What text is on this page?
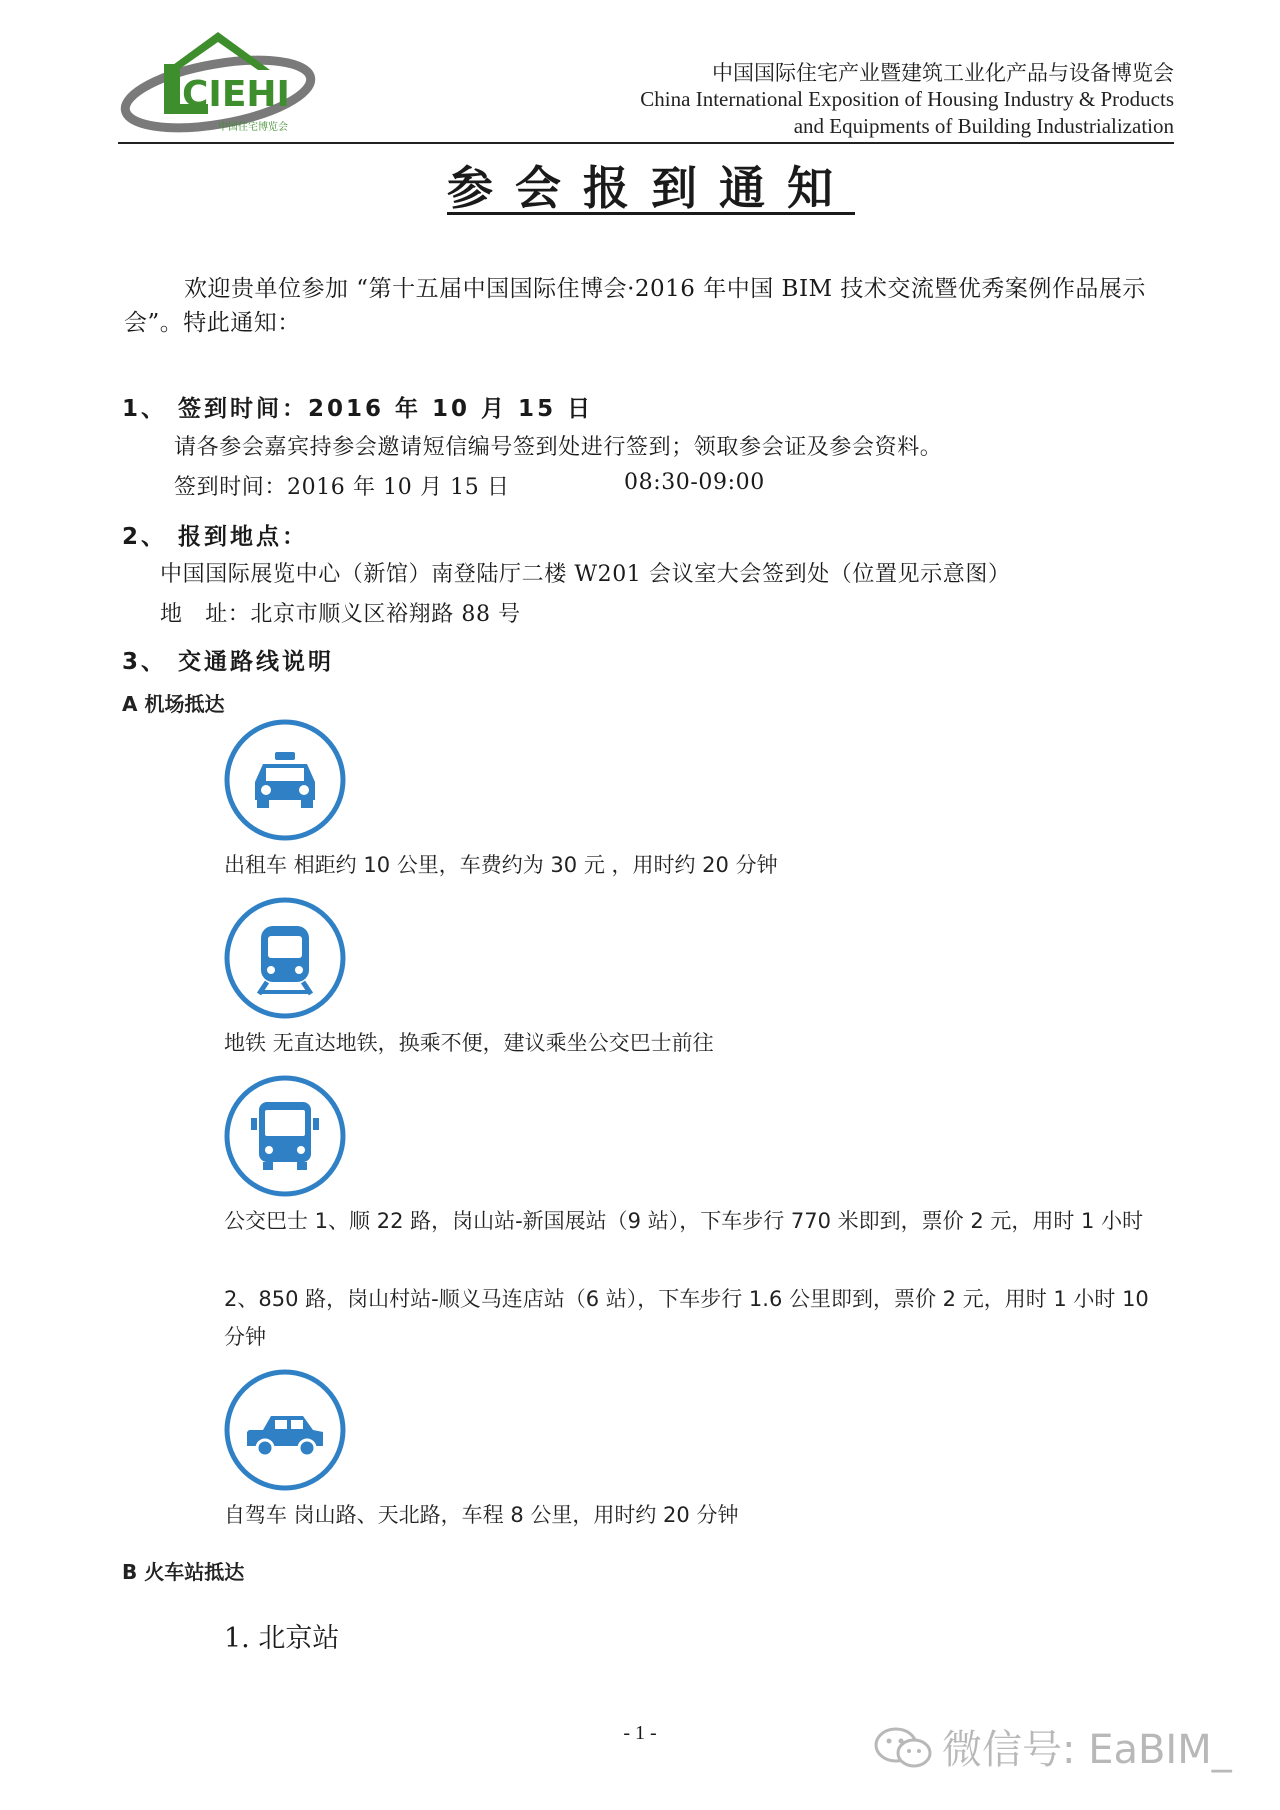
CIEHI
中国住宅博览会
中国国际住宅产业暨建筑工业化产品与设备博览会
China International Exposition of Housing Industry & Products
and Equipments of Building Industrialization
参会报到通知
欢迎贵单位参加 “第十五届中国国际住博会·2016 年中国 BIM 技术交流暨优秀案例作品展示会”。特此通知：
1、 签到时间：2016 年 10 月 15 日
请各参会嘉宾持参会邀请短信编号签到处进行签到；领取参会证及参会资料。
签到时间：2016 年 10 月 15 日	08:30-09:00
2、 报到地点：
中国国际展览中心（新馆）南登陆厅二楼 W201 会议室大会签到处（位置见示意图）
地　址：北京市顺义区裕翔路 88 号
3、 交通路线说明
A 机场抵达
出租车 相距约 10 公里，车费约为 30 元 ，用时约 20 分钟
地铁 无直达地铁，换乘不便，建议乘坐公交巴士前往
公交巴士 1、顺 22 路，岗山站-新国展站（9 站），下车步行 770 米即到，票价 2 元，用时 1 小时
2、850 路，岗山村站-顺义马连店站（6 站），下车步行 1.6 公里即到，票价 2 元，用时 1 小时 10 分钟
自驾车 岗山路、天北路，车程 8 公里，用时约 20 分钟
B 火车站抵达
1. 北京站
- 1 -	微信号: EaBIM_
